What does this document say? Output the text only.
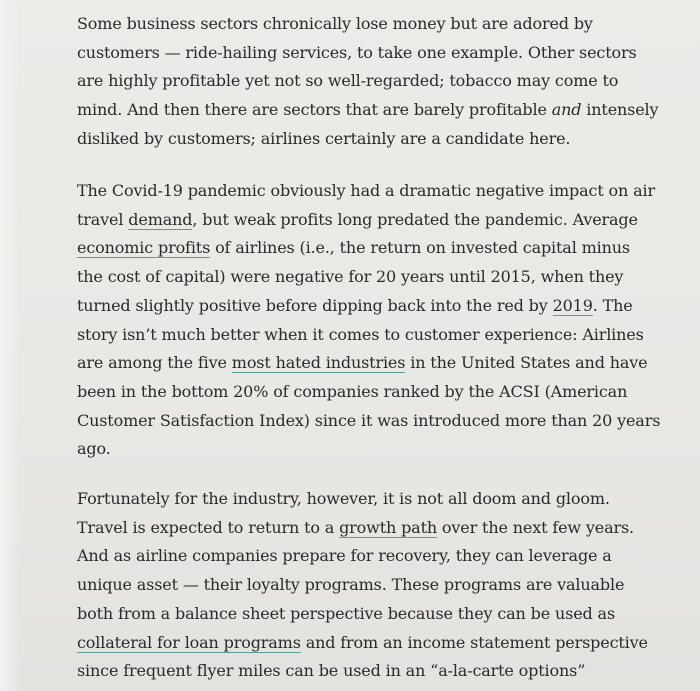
Some business sectors chronically lose money but are adored by
customers — ride-hailing services, to take one example. Other sectors
are highly profitable yet not so well-regarded; tobacco may come to
mind. And then there are sectors that are barely profitable and intensely
disliked by customers; airlines certainly are a candidate here.

The Covid-19 pandemic obviously had a dramatic negative impact on air
travel demand, but weak profits long predated the pandemic. Average
economic profits of airlines (i.e., the return on invested capital minus
the cost of capital) were negative for 20 years until 2015, when they
turned slightly positive before dipping back into the red by 2019. The
story isn’t much better when it comes to customer experience: Airlines
are among the five most hated industries in the United States and have
been in the bottom 20% of companies ranked by the ACSI (American
Customer Satisfaction Index) since it was introduced more than 20 years
ago.

Fortunately for the industry, however, it is not all doom and gloom.
Travel is expected to return to a growth path over the next few years.
And as airline companies prepare for recovery, they can leverage a
unique asset — their loyalty programs. These programs are valuable
both from a balance sheet perspective because they can be used as
collateral for loan programs and from an income statement perspective
since frequent flyer miles can be used in an “a-la-carte options”
